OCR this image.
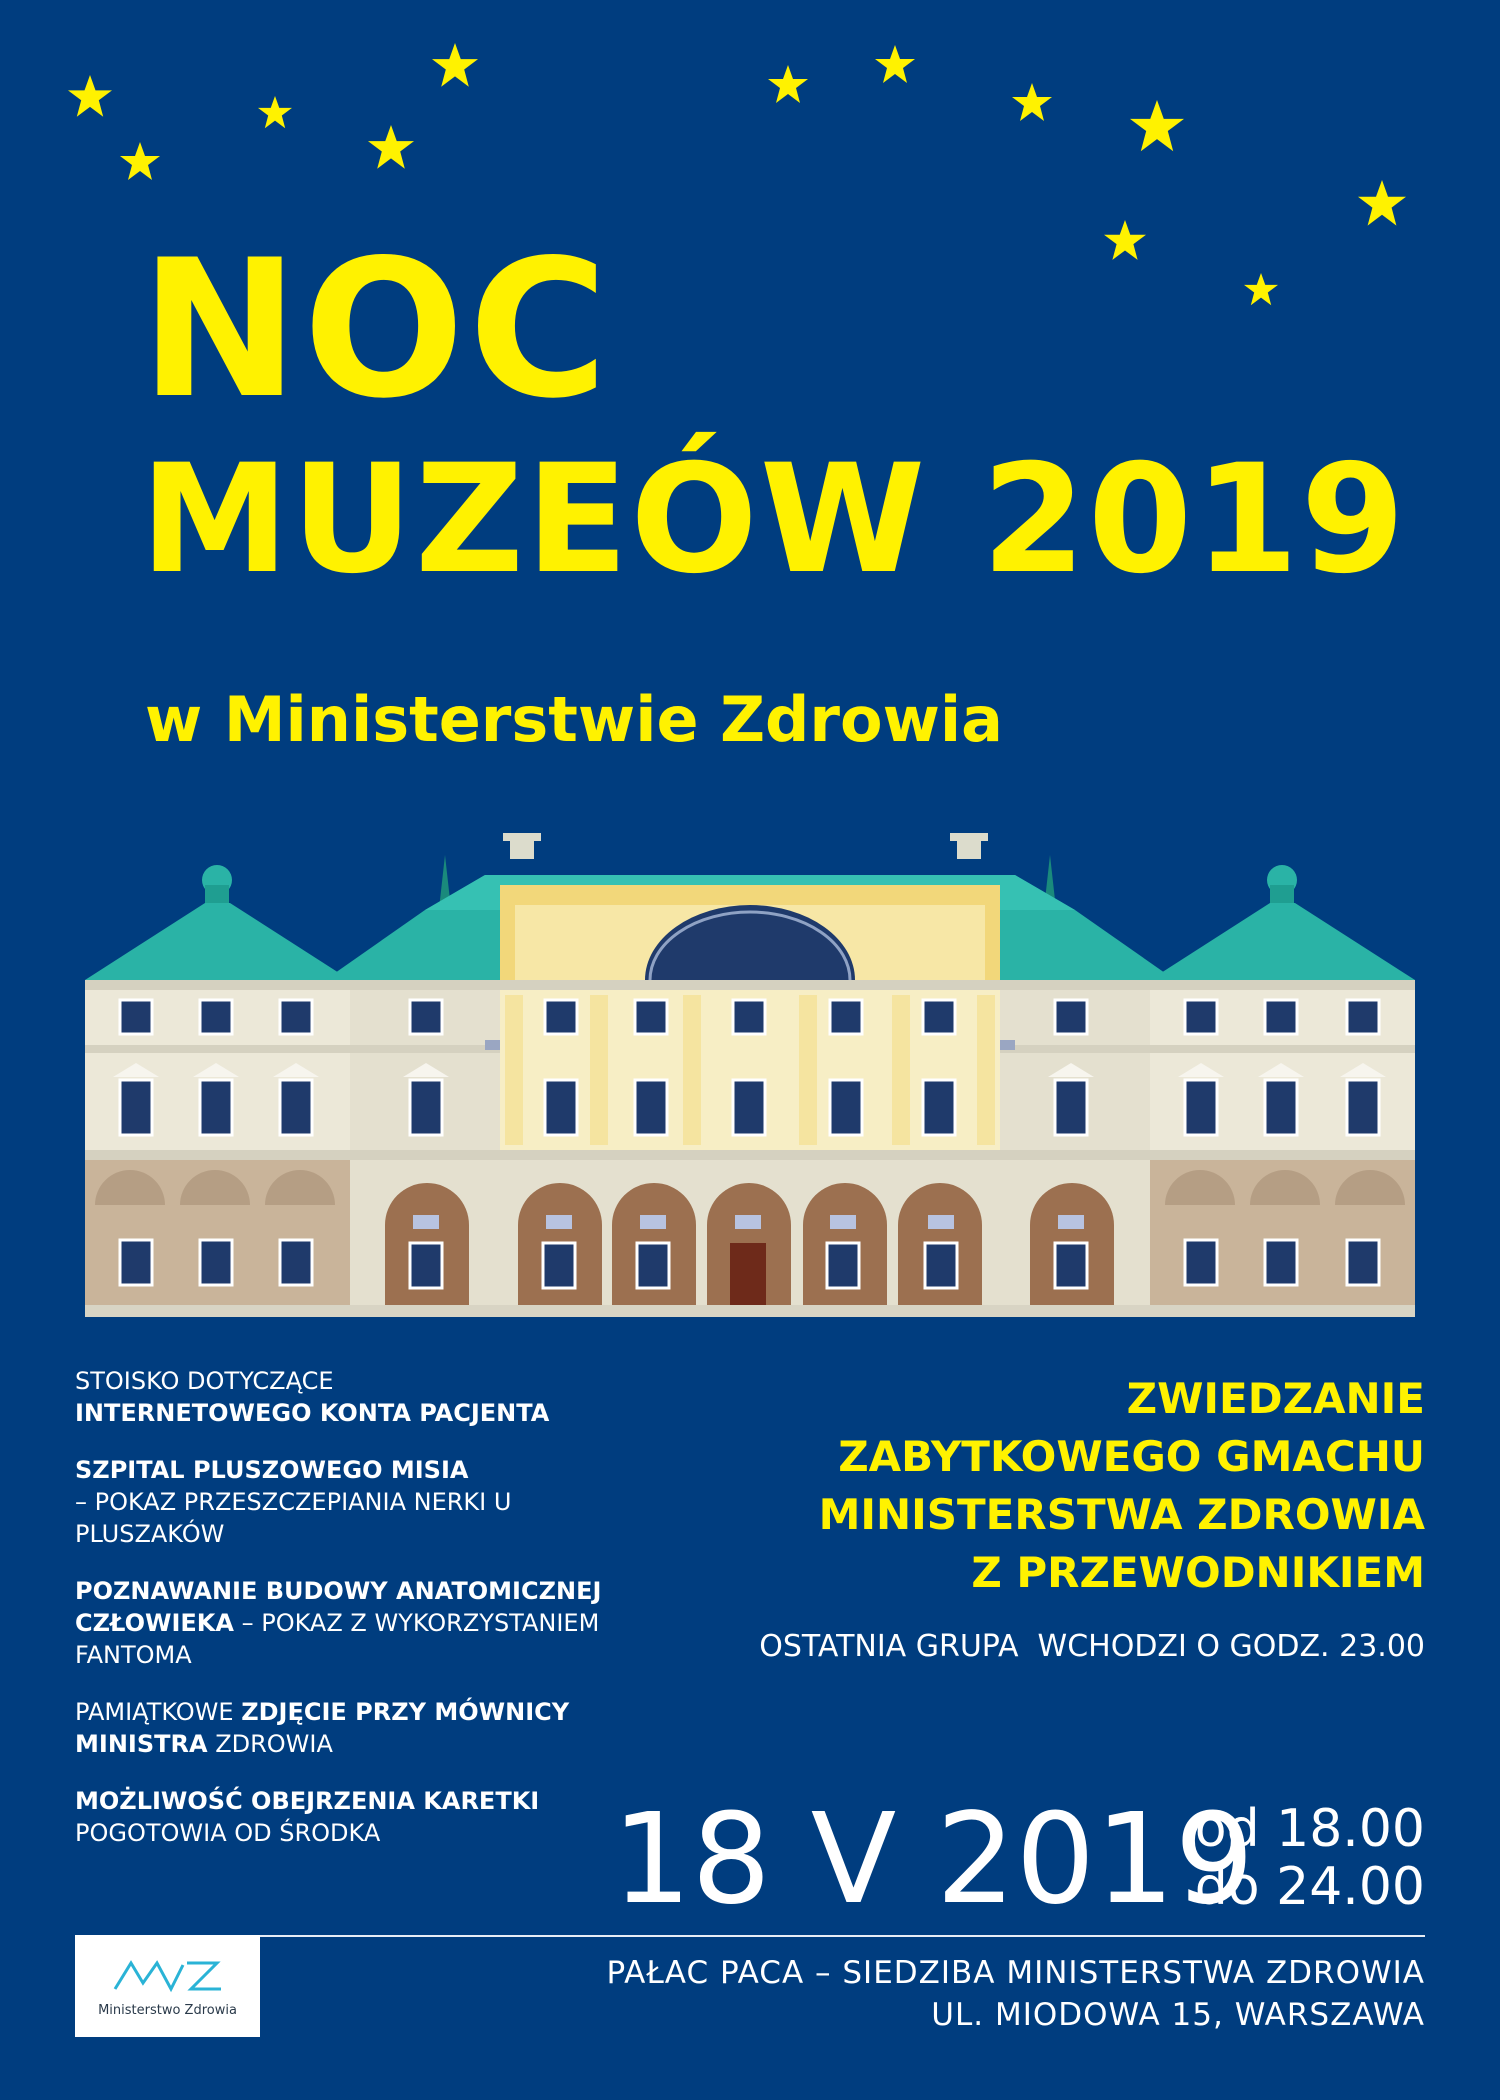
NOC
MUZEÓW 2019
w Ministerstwie Zdrowia
STOISKO DOTYCZĄCE
INTERNETOWEGO KONTA PACJENTA
SZPITAL PLUSZOWEGO MISIA
– POKAZ PRZESZCZEPIANIA NERKI U PLUSZAKÓW
POZNAWANIE BUDOWY ANATOMICZNEJ CZŁOWIEKA – POKAZ Z WYKORZYSTANIEM FANTOMA
PAMIĄTKOWE ZDJĘCIE PRZY MÓWNICY MINISTRA ZDROWIA
MOŻLIWOŚĆ OBEJRZENIA KARETKI
POGOTOWIA OD ŚRODKA
ZWIEDZANIE
ZABYTKOWEGO GMACHU
MINISTERSTWA ZDROWIA
Z PRZEWODNIKIEM
OSTATNIA GRUPA  WCHODZI O GODZ. 23.00
18 V 2019
od 18.00
do 24.00
Ministerstwo Zdrowia
PAŁAC PACA – SIEDZIBA MINISTERSTWA ZDROWIA
UL. MIODOWA 15, WARSZAWA
